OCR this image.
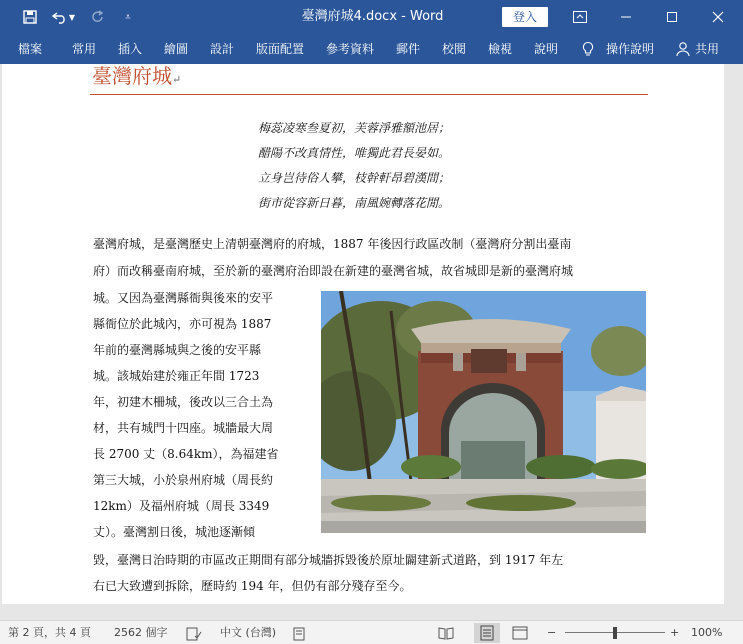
▼	⩡	臺灣府城4.docx - Word	登入
檔案 常用 插入 繪圖 設計 版面配置 參考資料 郵件 校閱 檢視 說明	操作說明	共用
臺灣府城↵
梅蕊凌寒叁夏初，芙蓉淨雅額池居；
醋陽不改真情性，唯獨此君長晏如。
立身岂待俗人攀，枝幹軒昂碧漢間；
街市從容新日暮，南風婉轉落花閒。
臺灣府城，是臺灣歷史上清朝臺灣府的府城，1887 年後因行政區改制（臺灣府分割出臺南
府）而改稱臺南府城，至於新的臺灣府治即設在新建的臺灣省城，故省城即是新的臺灣府城
城。又因為臺灣縣衙與後來的安平
縣衙位於此城內，亦可視為 1887
年前的臺灣縣城與之後的安平縣
城。該城始建於雍正年間 1723
年，初建木柵城，後改以三合土為
材，共有城門十四座。城牆最大周
長 2700 丈（8.64km），為福建省
第三大城，小於泉州府城（周長約
12km）及福州府城（周長 3349
丈）。臺灣割日後，城池逐漸傾
毀，臺灣日治時期的市區改正期間有部分城牆拆毀後於原址闢建新式道路，到 1917 年左
右已大致遭到拆除，歷時約 194 年，但仍有部分殘存至今。
第 2 頁，共 4 頁 2562 個字	中文 (台灣)	−	+ 100%
